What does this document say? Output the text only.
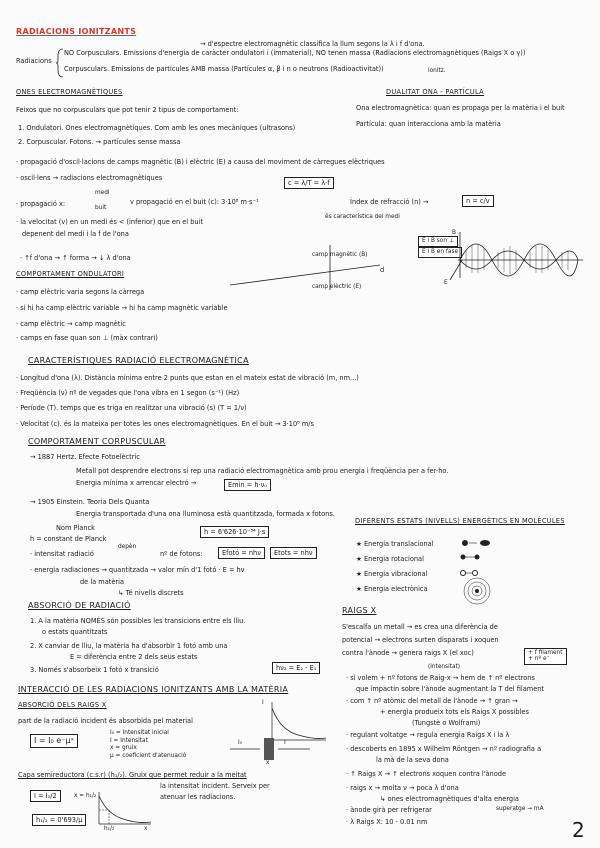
RADIACIONS IONITZANTS
→ d'espectre electromagnètic classifica la llum segons la λ i f d'ona.
Radiacions
NO Corpusculars. Emissions d'energia de caràcter ondulatori i (immaterial), NO tenen massa (Radiacions electromagnètiques (Raigs X o γ))
Corpusculars. Emissions de partícules AMB massa (Partícules α, β i n o neutrons (Radioactivitat))	ionitz.
ONES ELECTROMAGNÈTIQUES
Feixos que no corpusculars que pot tenir 2 tipus de comportament:
1. Ondulatori. Ones electromagnètiques. Com amb les ones mecàniques (ultrasons)
2. Corpuscular. Fotons. → partícules sense massa
· propagació d'oscil·lacions de camps magnètic (B) i elèctric (E) a causa del moviment de càrregues elèctriques
· oscil·lens → radiacions electromagnètiques
c = λ/T = λ·f
· propagació x:
medi
buit
v propagació en el buit (c): 3·10⁸ m·s⁻¹	Índex de refracció (n) →	n = c/v
és característica del medi
· la velocitat (v) en un medi és < (inferior) que en el buit
depenent del medi i la f de l'ona
· ↑f d'ona → ↑ forma → ↓ λ d'ona
COMPORTAMENT ONDULATORI
· camp elèctric varia segons la càrrega
· si hi ha camp elèctric variable → hi ha camp magnètic variable
· camp elèctric → camp magnètic
· camps en fase quan son ⊥ (màx contrari)
DUALITAT ONA - PARTÍCULA
Ona electromagnètica: quan es propaga per la matèria i el buit
Partícula: quan interacciona amb la matèria
camp magnètic (B)
camp elèctric (E)
d
E i B son ⊥
E i B en fase
B
E
CARACTERÍSTIQUES RADIACIÓ ELECTROMAGNÈTICA
· Longitud d'ona (λ). Distància mínima entre 2 punts que estan en el mateix estat de vibració (m, nm...)
· Freqüència (ν) nº de vegades que l'ona vibra en 1 segon (s⁻¹) (Hz)
· Període (T). temps que es triga en realitzar una vibració (s) (T = 1/ν)
· Velocitat (c). és la mateixa per totes les ones electromagnètiques. En el buit → 3·10⁸ m/s
COMPORTAMENT CORPUSCULAR
→ 1887 Hertz. Efecte Fotoelèctric
Metall pot desprendre electrons si rep una radiació electromagnètica amb prou energia i freqüència per a fer-ho.
Energia mínima x arrencar electró →	Emin = h·ν₀
→ 1905 Einstein. Teoria Dels Quanta
Energia transportada d'una ona lluminosa està quantitzada, formada x fotons.
Nom Planck
h = constant de Planck
h = 6'626·10⁻³⁴ J·s
· intensitat radiació
depèn
nº de fotons:	Efotó = nhν	Etots = nhν
· energia radiaciones → quantitzada → valor mín d'1 fotó · E = hν
de la matèria
↳ Té nivells discrets
DIFERENTS ESTATS (NIVELLS) ENERGÈTICS EN MOLÈCULES
★ Energia translacional
★ Energia rotacional
★ Energia vibracional
★ Energia electrònica
ABSORCIÓ DE RADIACIÓ
1. A la matèria NOMÉS són possibles les transicions entre els lliu.
o estats quantitzats
2. X canviar de lliu, la matèria ha d'absorbir 1 fotó amb una
E = diferència entre 2 dels seus estats
3. Només s'absorbeix 1 fotó x transició	hν₂ = E₂ - E₁
RAIGS X
S'escalfa un metall → es crea una diferència de
potencial → electrons surten disparats i xoquen
contra l'ànode → genera raigs X (el xoc)	+ f filament
+ nº e⁻
(intensitat)
· si volem + nº fotons de Raig-x → hem de ↑ nº electrons
que impactin sobre l'ànode augmentant la T del filament
· com ↑ nº atòmic del metall de l'ànode → ↑ gran →
+ energia produeix tots els Raigs X possibles
(Tungstè o Wolframi)
· regulant voltatge → regula energia Raigs X i la λ
· descoberts en 1895 x Wilhelm Röntgen → nº radiografia a
la mà de la seva dona
· ↑ Raigs X → ↑ electrons xoquen contra l'ànode
· raigs x → molta ν → poca λ d'ona
↳ ones electromagnètiques d'alta energia
· ànode girà per refrigerar	superatge → mA
· λ Raigs X: 10 - 0.01 nm
INTERACCIÓ DE LES RADIACIONS IONITZANTS AMB LA MATÈRIA
ABSORCIÓ DELS RAIGS X
part de la radiació incident és absorbida pel material
I = I₀ e⁻μˣ
I₀ = Intensitat inicial
I = Intensitat
x = gruix
μ = coeficient d'atenuació
I
I₀	I
x
Capa semireductora (c.s.r) (h₁/₂). Gruix que permet reduir a la meitat
la intensitat incident. Serveix per
atenuar les radiacions.
I = I₀/2	x = h₁/₂
h₁/₂ = 0'693/μ
h₁/₂	x	2
